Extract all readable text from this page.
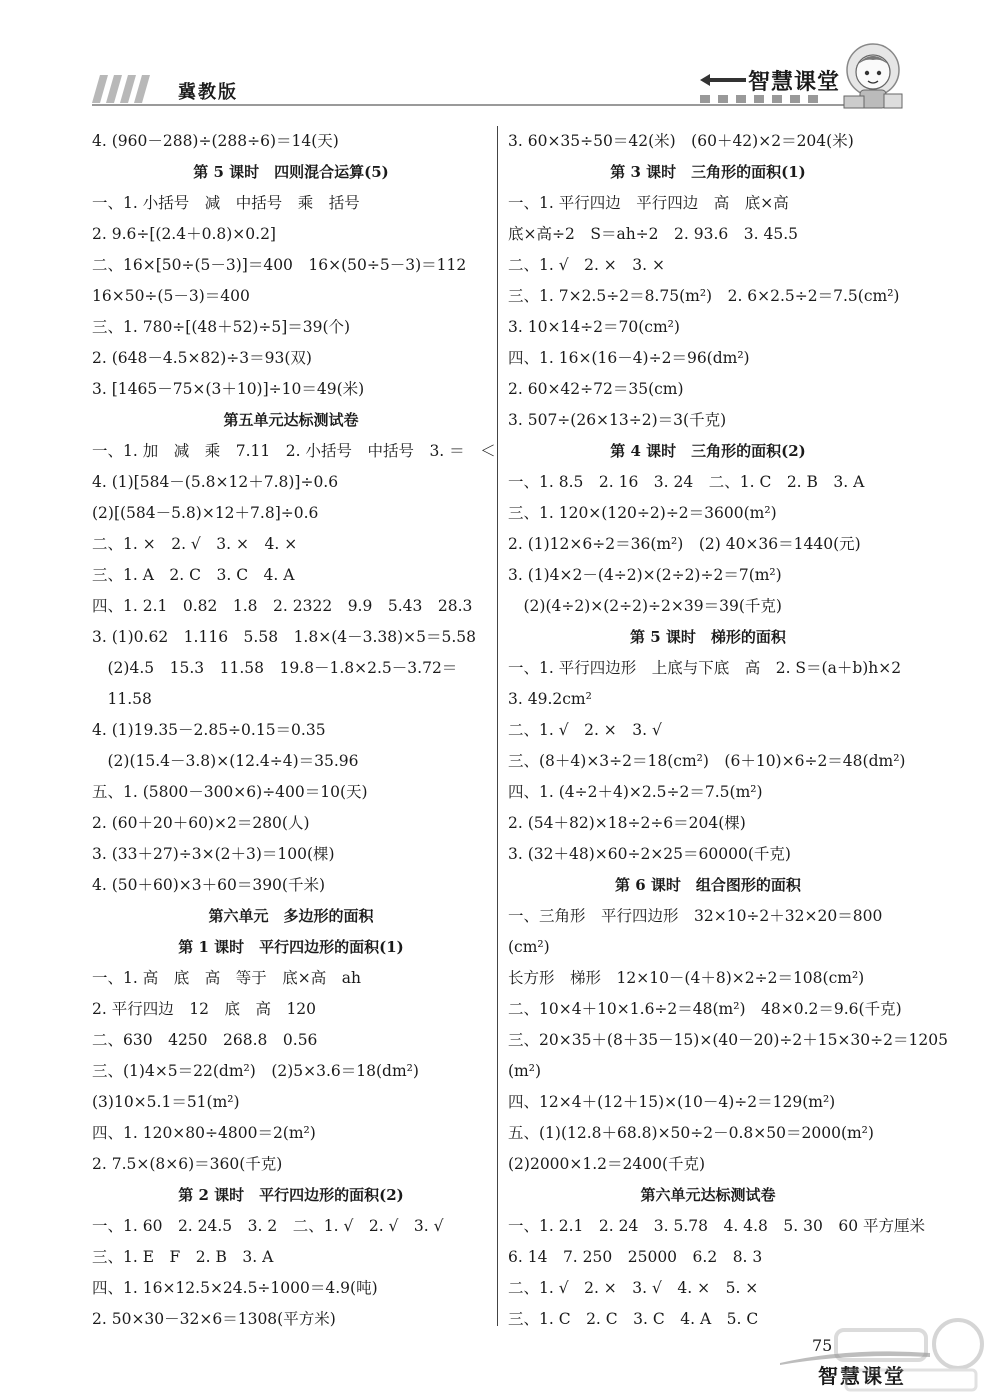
冀教版	智慧课堂
4. (960－288)÷(288÷6)＝14(天)
第 5 课时　四则混合运算(5)
一、1. 小括号　减　中括号　乘　括号
2. 9.6÷[(2.4＋0.8)×0.2]
二、16×[50÷(5－3)]＝400　16×(50÷5－3)＝112
16×50÷(5－3)＝400
三、1. 780÷[(48＋52)÷5]＝39(个)
2. (648－4.5×82)÷3＝93(双)
3. [1465－75×(3＋10)]÷10＝49(米)
第五单元达标测试卷
一、1. 加　减　乘　7.11　2. 小括号　中括号　3. ＝　＜
4. (1)[584－(5.8×12＋7.8)]÷0.6
(2)[(584－5.8)×12＋7.8]÷0.6
二、1. ×　2. √　3. ×　4. ×
三、1. A　2. C　3. C　4. A
四、1. 2.1　0.82　1.8　2. 2322　9.9　5.43　28.3
3. (1)0.62　1.116　5.58　1.8×(4－3.38)×5＝5.58
　(2)4.5　15.3　11.58　19.8－1.8×2.5－3.72＝
　11.58
4. (1)19.35－2.85÷0.15＝0.35
　(2)(15.4－3.8)×(12.4÷4)＝35.96
五、1. (5800－300×6)÷400＝10(天)
2. (60＋20＋60)×2＝280(人)
3. (33＋27)÷3×(2＋3)＝100(棵)
4. (50＋60)×3＋60＝390(千米)
第六单元　多边形的面积
第 1 课时　平行四边形的面积(1)
一、1. 高　底　高　等于　底×高　ah
2. 平行四边　12　底　高　120
二、630　4250　268.8　0.56
三、(1)4×5＝22(dm²)　(2)5×3.6＝18(dm²)
(3)10×5.1＝51(m²)
四、1. 120×80÷4800＝2(m²)
2. 7.5×(8×6)＝360(千克)
第 2 课时　平行四边形的面积(2)
一、1. 60　2. 24.5　3. 2　二、1. √　2. √　3. √
三、1. E　F　2. B　3. A
四、1. 16×12.5×24.5÷1000＝4.9(吨)
2. 50×30－32×6＝1308(平方米)
3. 60×35÷50＝42(米)　(60＋42)×2＝204(米)
第 3 课时　三角形的面积(1)
一、1. 平行四边　平行四边　高　底×高
底×高÷2　S＝ah÷2　2. 93.6　3. 45.5
二、1. √　2. ×　3. ×
三、1. 7×2.5÷2＝8.75(m²)　2. 6×2.5÷2＝7.5(cm²)
3. 10×14÷2＝70(cm²)
四、1. 16×(16－4)÷2＝96(dm²)
2. 60×42÷72＝35(cm)
3. 507÷(26×13÷2)＝3(千克)
第 4 课时　三角形的面积(2)
一、1. 8.5　2. 16　3. 24　二、1. C　2. B　3. A
三、1. 120×(120÷2)÷2＝3600(m²)
2. (1)12×6÷2＝36(m²)　(2) 40×36＝1440(元)
3. (1)4×2－(4÷2)×(2÷2)÷2＝7(m²)
　(2)(4÷2)×(2÷2)÷2×39＝39(千克)
第 5 课时　梯形的面积
一、1. 平行四边形　上底与下底　高　2. S＝(a＋b)h×2
3. 49.2cm²
二、1. √　2. ×　3. √
三、(8＋4)×3÷2＝18(cm²)　(6＋10)×6÷2＝48(dm²)
四、1. (4÷2＋4)×2.5÷2＝7.5(m²)
2. (54＋82)×18÷2÷6＝204(棵)
3. (32＋48)×60÷2×25＝60000(千克)
第 6 课时　组合图形的面积
一、三角形　平行四边形　32×10÷2＋32×20＝800
(cm²)
长方形　梯形　12×10－(4＋8)×2÷2＝108(cm²)
二、10×4＋10×1.6÷2＝48(m²)　48×0.2＝9.6(千克)
三、20×35＋(8＋35－15)×(40－20)÷2＋15×30÷2＝1205
(m²)
四、12×4＋(12＋15)×(10－4)÷2＝129(m²)
五、(1)(12.8＋68.8)×50÷2－0.8×50＝2000(m²)
(2)2000×1.2＝2400(千克)
第六单元达标测试卷
一、1. 2.1　2. 24　3. 5.78　4. 4.8　5. 30　60 平方厘米
6. 14　7. 250　25000　6.2　8. 3
二、1. √　2. ×　3. √　4. ×　5. ×
三、1. C　2. C　3. C　4. A　5. C
75
智慧课堂
